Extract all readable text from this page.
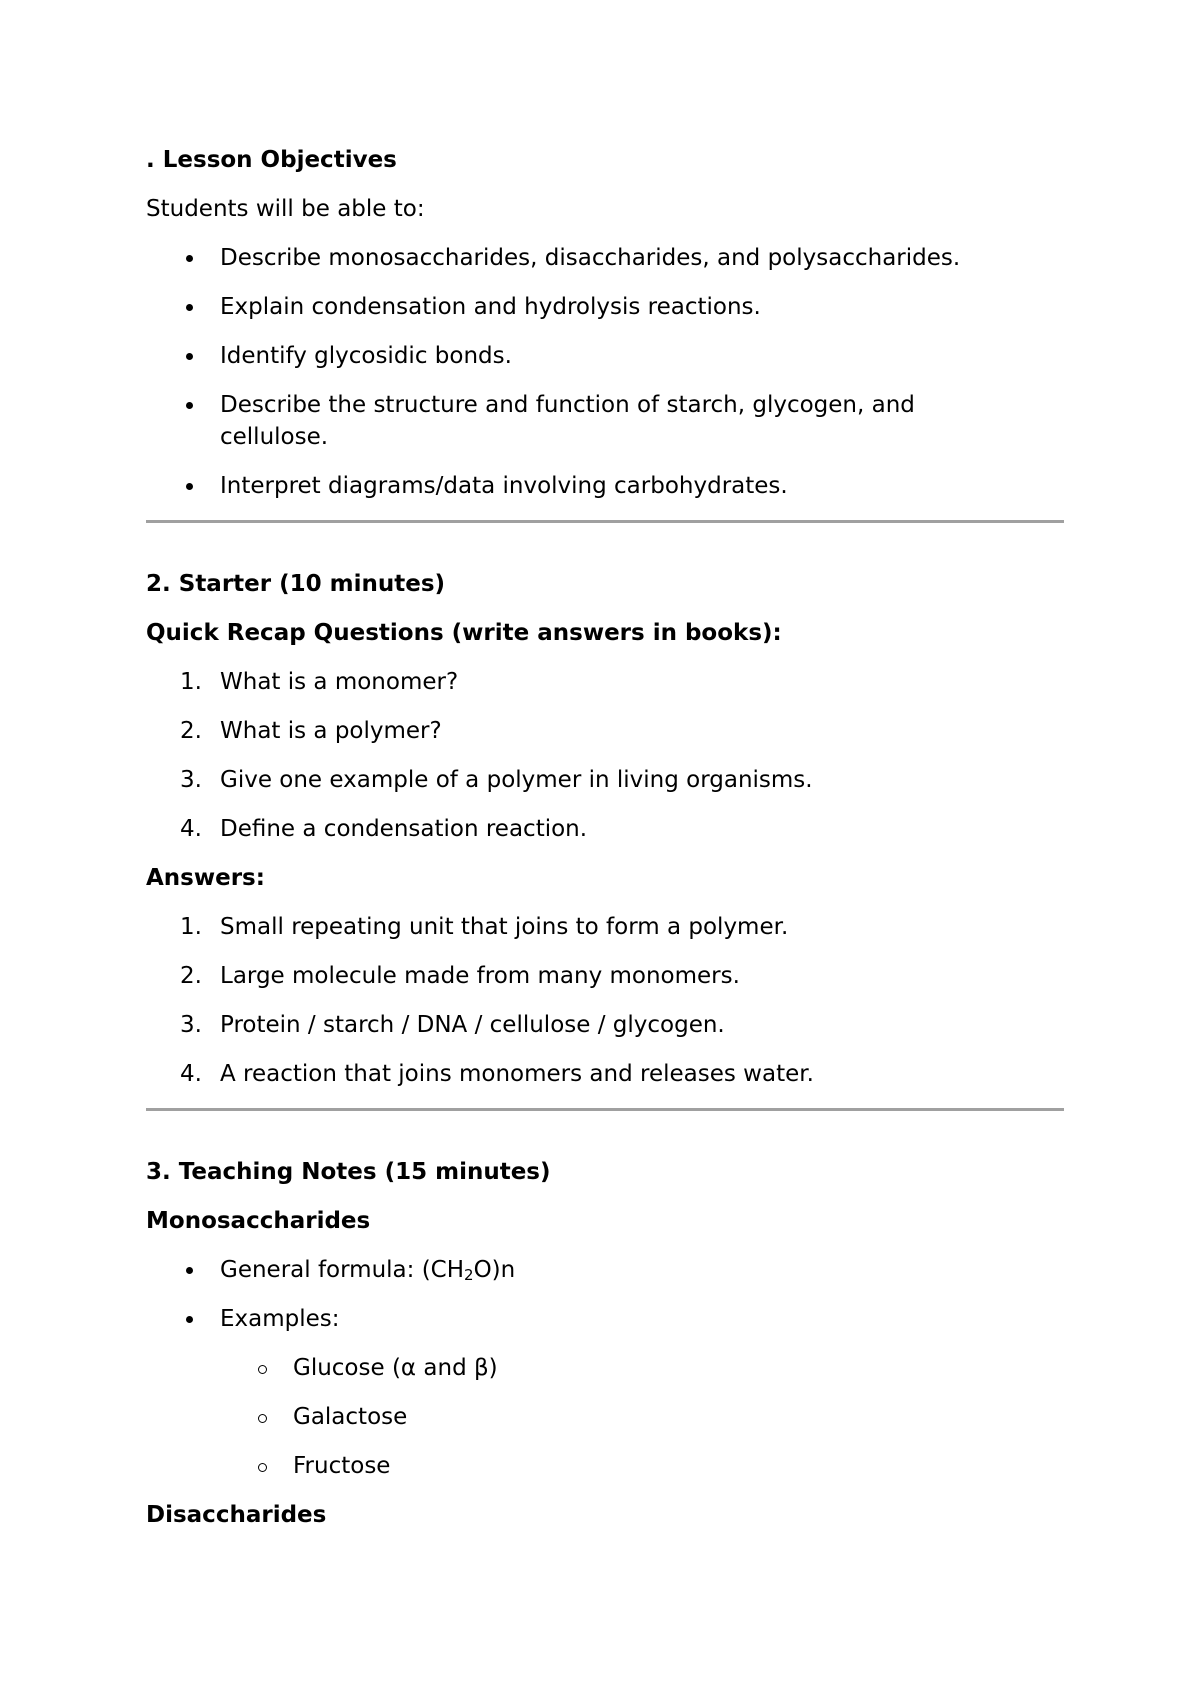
. Lesson Objectives
Students will be able to:
Describe monosaccharides, disaccharides, and polysaccharides.
Explain condensation and hydrolysis reactions.
Identify glycosidic bonds.
Describe the structure and function of starch, glycogen, and cellulose.
Interpret diagrams/data involving carbohydrates.
2. Starter (10 minutes)
Quick Recap Questions (write answers in books):
1. What is a monomer?
2. What is a polymer?
3. Give one example of a polymer in living organisms.
4. Define a condensation reaction.
Answers:
1. Small repeating unit that joins to form a polymer.
2. Large molecule made from many monomers.
3. Protein / starch / DNA / cellulose / glycogen.
4. A reaction that joins monomers and releases water.
3. Teaching Notes (15 minutes)
Monosaccharides
General formula: $(CH_2O)n$
Examples:
Glucose (α and β)
Galactose
Fructose
Disaccharides
